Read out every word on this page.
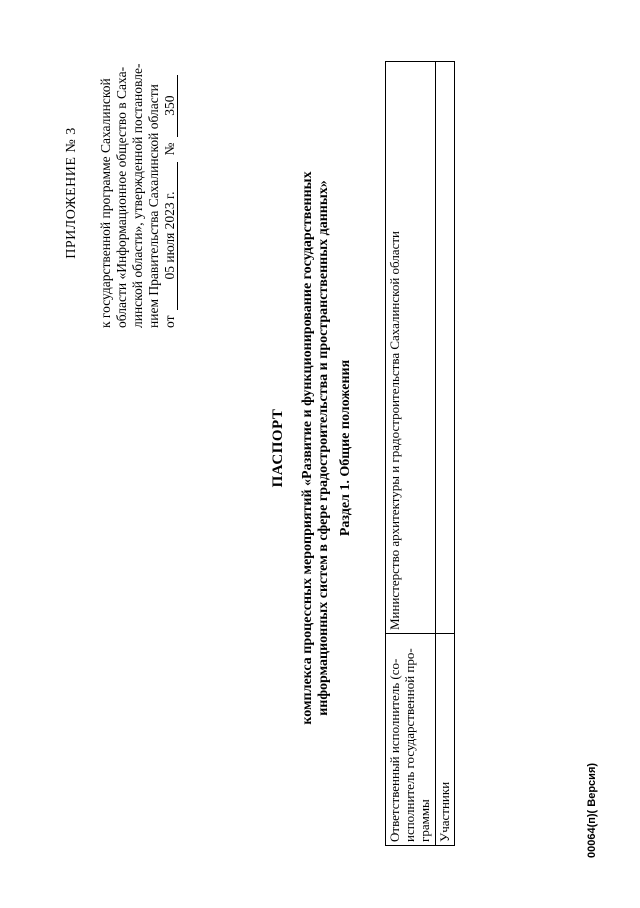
ПРИЛОЖЕНИЕ № 3 к государственной программе Сахалинской области «Информационное общество в Саха- линской области», утвержденной постановле- нием Правительства Сахалинской области от
05 июля 2023 г.
№
350
ПАСПОРТ комплекса процессных мероприятий «Развитие и функционирование государственных информационных систем в сфере градостроительства и пространственных данных» Раздел 1. Общие положения
Ответственный исполнитель (со-исполнитель государственной про-граммы	Министерство архитектуры и градостроительства Сахалинской области
Участники		00064(п)( Версия)
